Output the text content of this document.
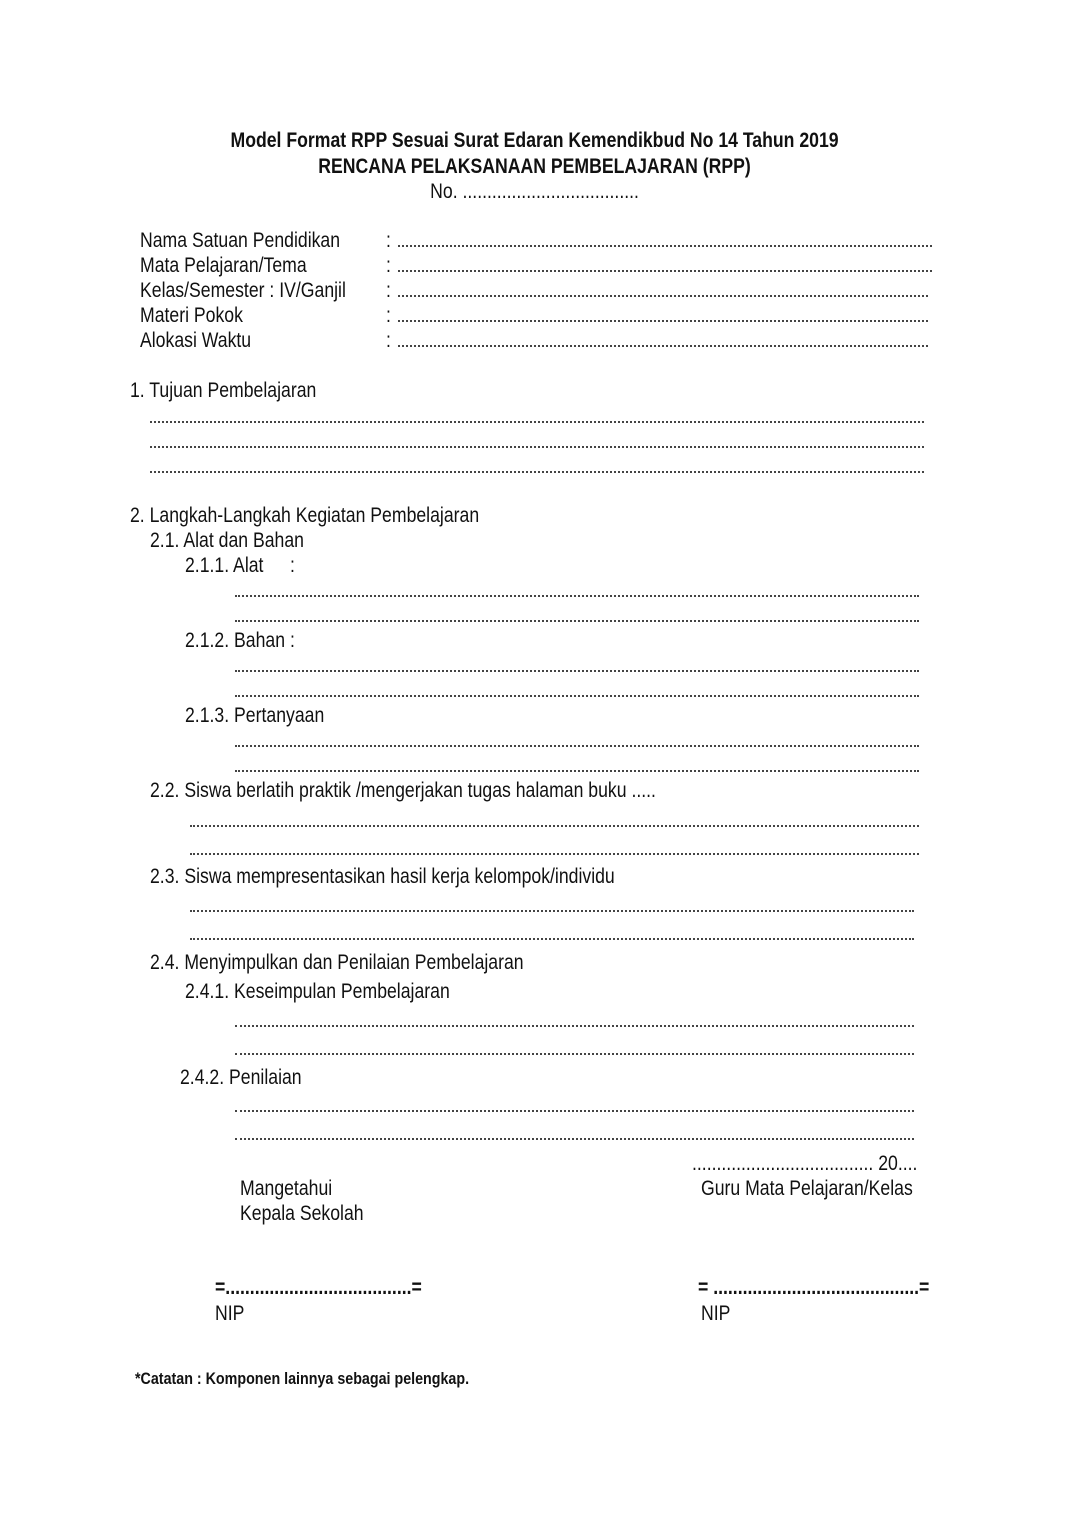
Model Format RPP Sesuai Surat Edaran Kemendikbud No 14 Tahun 2019
RENCANA PELAKSANAAN PEMBELAJARAN (RPP)
No. ....................................
Nama Satuan Pendidikan
Mata Pelajaran/Tema
Kelas/Semester : IV/Ganjil
Materi Pokok
Alokasi Waktu
:
:
:
:
:
1. Tujuan Pembelajaran
2. Langkah-Langkah Kegiatan Pembelajaran
2.1. Alat dan Bahan
2.1.1. Alat :
2.1.2. Bahan :
2.1.3. Pertanyaan
2.2. Siswa berlatih praktik /mengerjakan tugas halaman buku .....
2.3. Siswa mempresentasikan hasil kerja kelompok/individu
2.4. Menyimpulkan dan Penilaian Pembelajaran
2.4.1. Keseimpulan Pembelajaran
2.4.2. Penilaian
..................................... 20....
Mangetahui
Kepala Sekolah
Guru Mata Pelajaran/Kelas
=......................................=	= ..........................................=
NIP	NIP
*Catatan : Komponen lainnya sebagai pelengkap.
